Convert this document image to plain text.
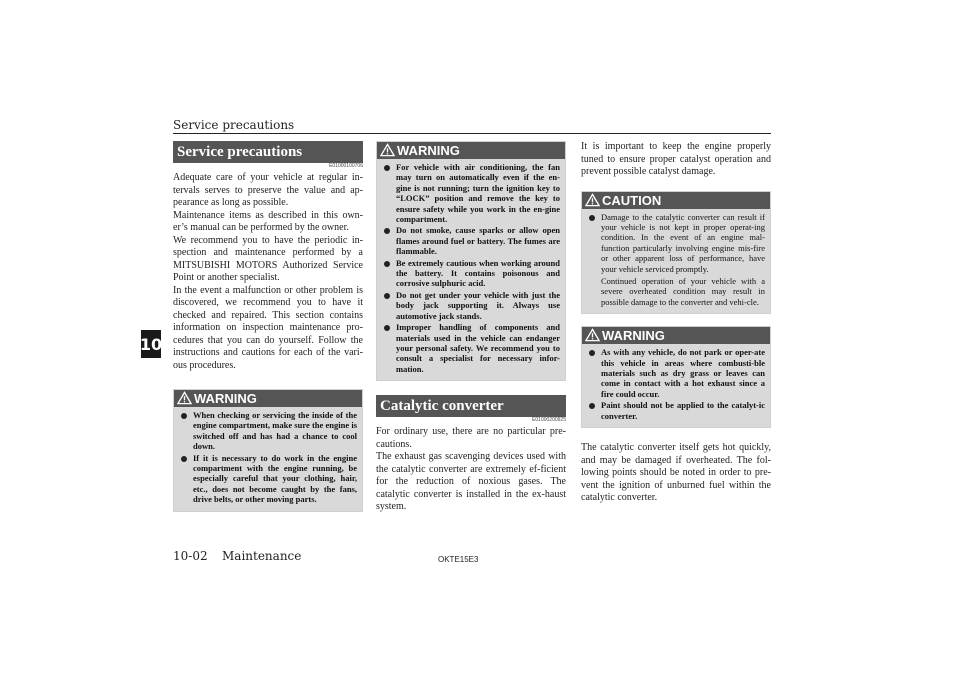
Service precautions
10
Service precautions
E01000100706

Adequate care of your vehicle at regular in-tervals serves to preserve the value and ap-pearance as long as possible.

Maintenance items as described in this own-er’s manual can be performed by the owner.

We recommend you to have the periodic in-spection and maintenance performed by a MITSUBISHI MOTORS Authorized Service Point or another specialist.

In the event a malfunction or other problem is discovered, we recommend you to have it checked and repaired. This section contains information on inspection maintenance pro-cedures that you can do yourself. Follow the instructions and cautions for each of the vari-ous procedures.

WARNING
When checking or servicing the inside of the engine compartment, make sure the engine is switched off and has had a chance to cool down.
If it is necessary to do work in the engine compartment with the engine running, be especially careful that your clothing, hair, etc., does not become caught by the fans, drive belts, or other moving parts.
WARNING
For vehicle with air conditioning, the fan may turn on automatically even if the en-gine is not running; turn the ignition key to “LOCK” position and remove the key to ensure safety while you work in the en-gine compartment.
Do not smoke, cause sparks or allow open flames around fuel or battery. The fumes are flammable.
Be extremely cautious when working around the battery. It contains poisonous and corrosive sulphuric acid.
Do not get under your vehicle with just the body jack supporting it. Always use automotive jack stands.
Improper handling of components and materials used in the vehicle can endanger your personal safety. We recommend you to consult a specialist for necessary infor-mation.
Catalytic converter
E01000200925

For ordinary use, there are no particular pre-cautions.

The exhaust gas scavenging devices used with the catalytic converter are extremely ef-ficient for the reduction of noxious gases. The catalytic converter is installed in the ex-haust system.

It is important to keep the engine properly tuned to ensure proper catalyst operation and prevent possible catalyst damage.

CAUTION
Damage to the catalytic converter can result if your vehicle is not kept in proper operat-ing condition. In the event of an engine mal-function particularly involving engine mis-fire or other apparent loss of performance, have your vehicle serviced promptly.
Continued operation of your vehicle with a severe overheated condition may result in possible damage to the converter and vehi-cle.
WARNING
As with any vehicle, do not park or oper-ate this vehicle in areas where combusti-ble materials such as dry grass or leaves can come in contact with a hot exhaust since a fire could occur.
Paint should not be applied to the catalyt-ic converter.

The catalytic converter itself gets hot quickly, and may be damaged if overheated. The fol-lowing points should be noted in order to pre-vent the ignition of unburned fuel within the catalytic converter.

10-02 Maintenance	OKTE15E3
